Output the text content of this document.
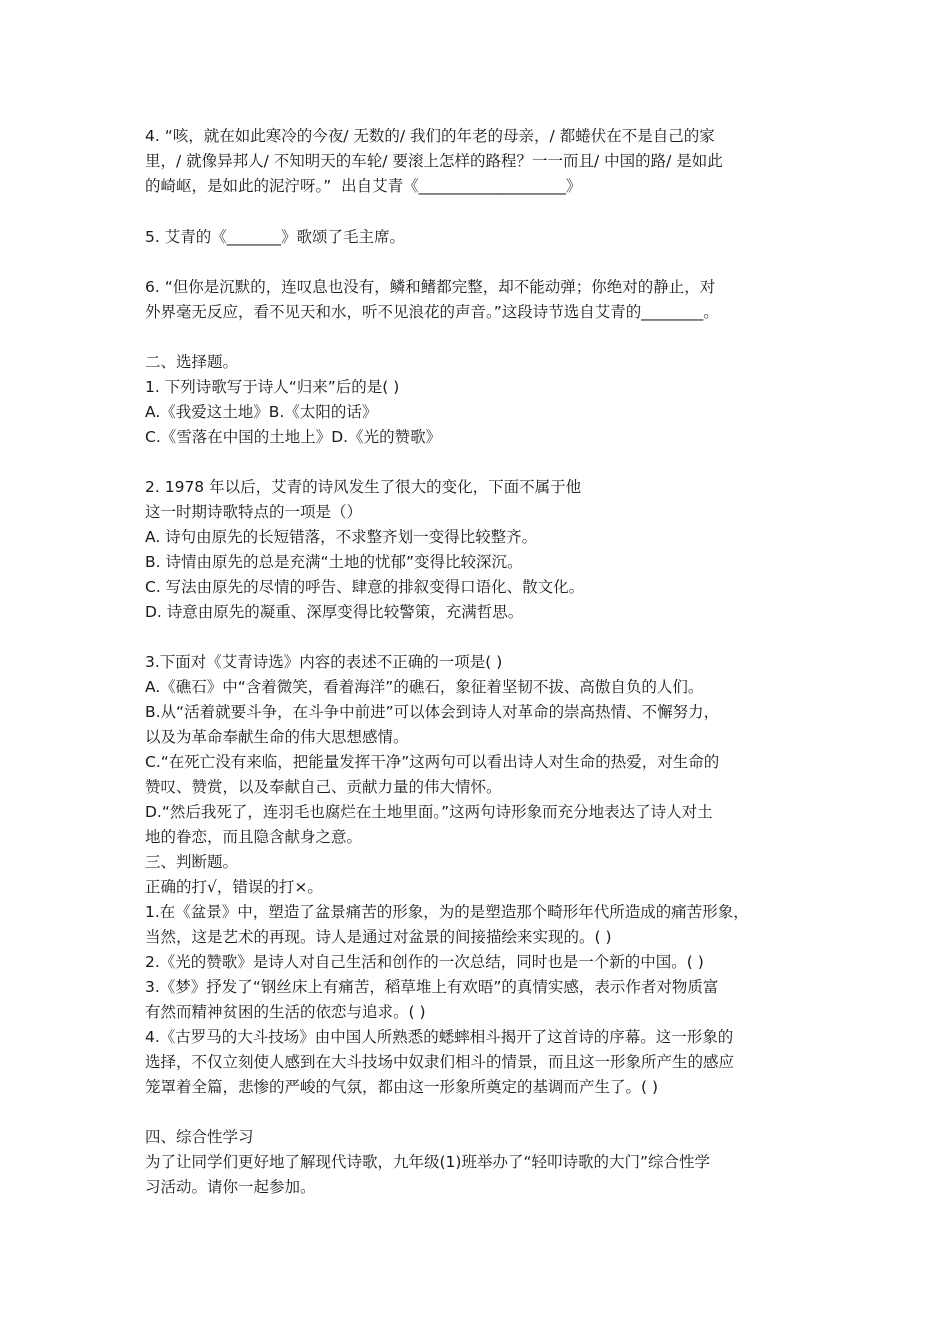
4. “咳，就在如此寒冷的今夜/ 无数的/ 我们的年老的母亲，/ 都蜷伏在不是自己的家
里，/ 就像异邦人/ 不知明天的车轮/ 要滚上怎样的路程？一一而且/ 中国的路/ 是如此
的崎岖，是如此的泥泞呀。”  出自艾青《___________________》
5. 艾青的《_______》歌颂了毛主席。
6. “但你是沉默的，连叹息也没有，鳞和鳍都完整，却不能动弹；你绝对的静止，对
外界毫无反应，看不见天和水，听不见浪花的声音。”这段诗节选自艾青的________。
二、选择题。
1. 下列诗歌写于诗人“归来”后的是( )
A.《我爱这土地》B.《太阳的话》
C.《雪落在中国的土地上》D.《光的赞歌》
2. 1978 年以后，艾青的诗风发生了很大的变化，下面不属于他
这一时期诗歌特点的一项是（）
A. 诗句由原先的长短错落，不求整齐划一变得比较整齐。
B. 诗情由原先的总是充满“土地的忧郁”变得比较深沉。
C. 写法由原先的尽情的呼告、肆意的排叙变得口语化、散文化。
D. 诗意由原先的凝重、深厚变得比较警策，充满哲思。
3.下面对《艾青诗选》内容的表述不正确的一项是( )
A.《礁石》中“含着微笑，看着海洋”的礁石，象征着坚韧不拔、高傲自负的人们。
B.从“活着就要斗争，在斗争中前进”可以体会到诗人对革命的崇高热情、不懈努力，
以及为革命奉献生命的伟大思想感情。
C.“在死亡没有来临，把能量发挥干净”这两句可以看出诗人对生命的热爱，对生命的
赞叹、赞赏，以及奉献自己、贡献力量的伟大情怀。
D.“然后我死了，连羽毛也腐烂在土地里面。”这两句诗形象而充分地表达了诗人对土
地的眷恋，而且隐含献身之意。
三、判断题。
正确的打√，错误的打×。
1.在《盆景》中，塑造了盆景痛苦的形象，为的是塑造那个畸形年代所造成的痛苦形象，
当然，这是艺术的再现。诗人是通过对盆景的间接描绘来实现的。( )
2.《光的赞歌》是诗人对自己生活和创作的一次总结，同时也是一个新的中国。( )
3.《梦》抒发了“钢丝床上有痛苦，稻草堆上有欢晤”的真情实感，表示作者对物质富
有然而精神贫困的生活的依恋与追求。( )
4.《古罗马的大斗技场》由中国人所熟悉的蟋蟀相斗揭开了这首诗的序幕。这一形象的
选择，不仅立刻使人感到在大斗技场中奴隶们相斗的情景，而且这一形象所产生的感应
笼罩着全篇，悲惨的严峻的气氛，都由这一形象所奠定的基调而产生了。( )
四、综合性学习
为了让同学们更好地了解现代诗歌，九年级(1)班举办了“轻叩诗歌的大门”综合性学
习活动。请你一起参加。
